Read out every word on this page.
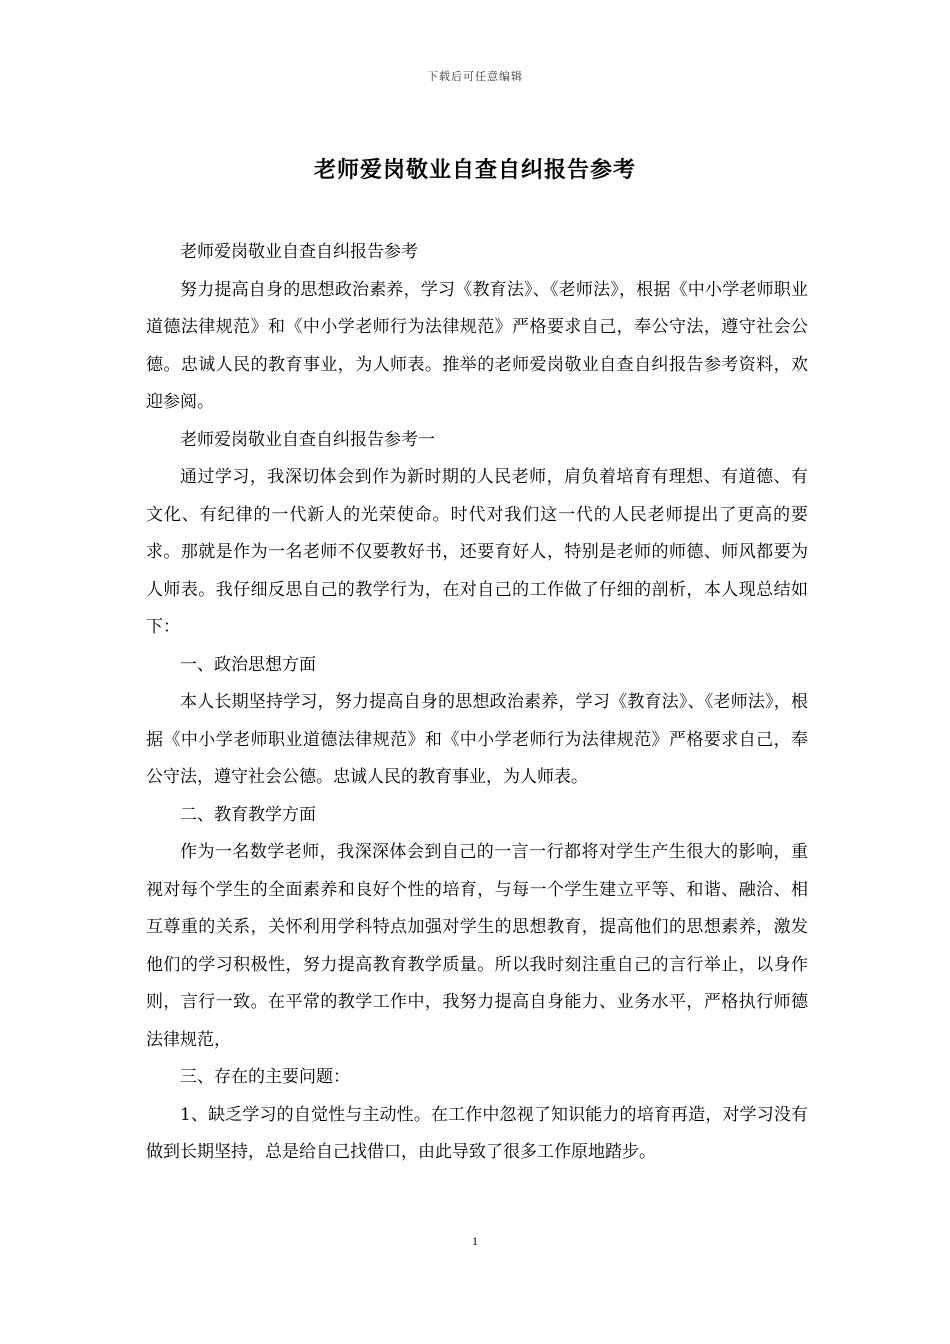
下载后可任意编辑
老师爱岗敬业自查自纠报告参考

老师爱岗敬业自查自纠报告参考

努力提高自身的思想政治素养，学习《教育法》、《老师法》，根据《中小学老师职业道德法律规范》和《中小学老师行为法律规范》严格要求自己，奉公守法，遵守社会公德。忠诚人民的教育事业，为人师表。推举的老师爱岗敬业自查自纠报告参考资料，欢迎参阅。

老师爱岗敬业自查自纠报告参考一

通过学习，我深切体会到作为新时期的人民老师，肩负着培育有理想、有道德、有文化、有纪律的一代新人的光荣使命。时代对我们这一代的人民老师提出了更高的要求。那就是作为一名老师不仅要教好书，还要育好人，特别是老师的师德、师风都要为人师表。我仔细反思自己的教学行为，在对自己的工作做了仔细的剖析，本人现总结如下：

一、政治思想方面

本人长期坚持学习，努力提高自身的思想政治素养，学习《教育法》、《老师法》，根据《中小学老师职业道德法律规范》和《中小学老师行为法律规范》严格要求自己，奉公守法，遵守社会公德。忠诚人民的教育事业，为人师表。

二、教育教学方面

作为一名数学老师，我深深体会到自己的一言一行都将对学生产生很大的影响，重视对每个学生的全面素养和良好个性的培育，与每一个学生建立平等、和谐、融洽、相互尊重的关系，关怀利用学科特点加强对学生的思想教育，提高他们的思想素养，激发他们的学习积极性，努力提高教育教学质量。所以我时刻注重自己的言行举止，以身作则，言行一致。在平常的教学工作中，我努力提高自身能力、业务水平，严格执行师德法律规范，

三、存在的主要问题：

1、缺乏学习的自觉性与主动性。在工作中忽视了知识能力的培育再造，对学习没有做到长期坚持，总是给自己找借口，由此导致了很多工作原地踏步。

1
